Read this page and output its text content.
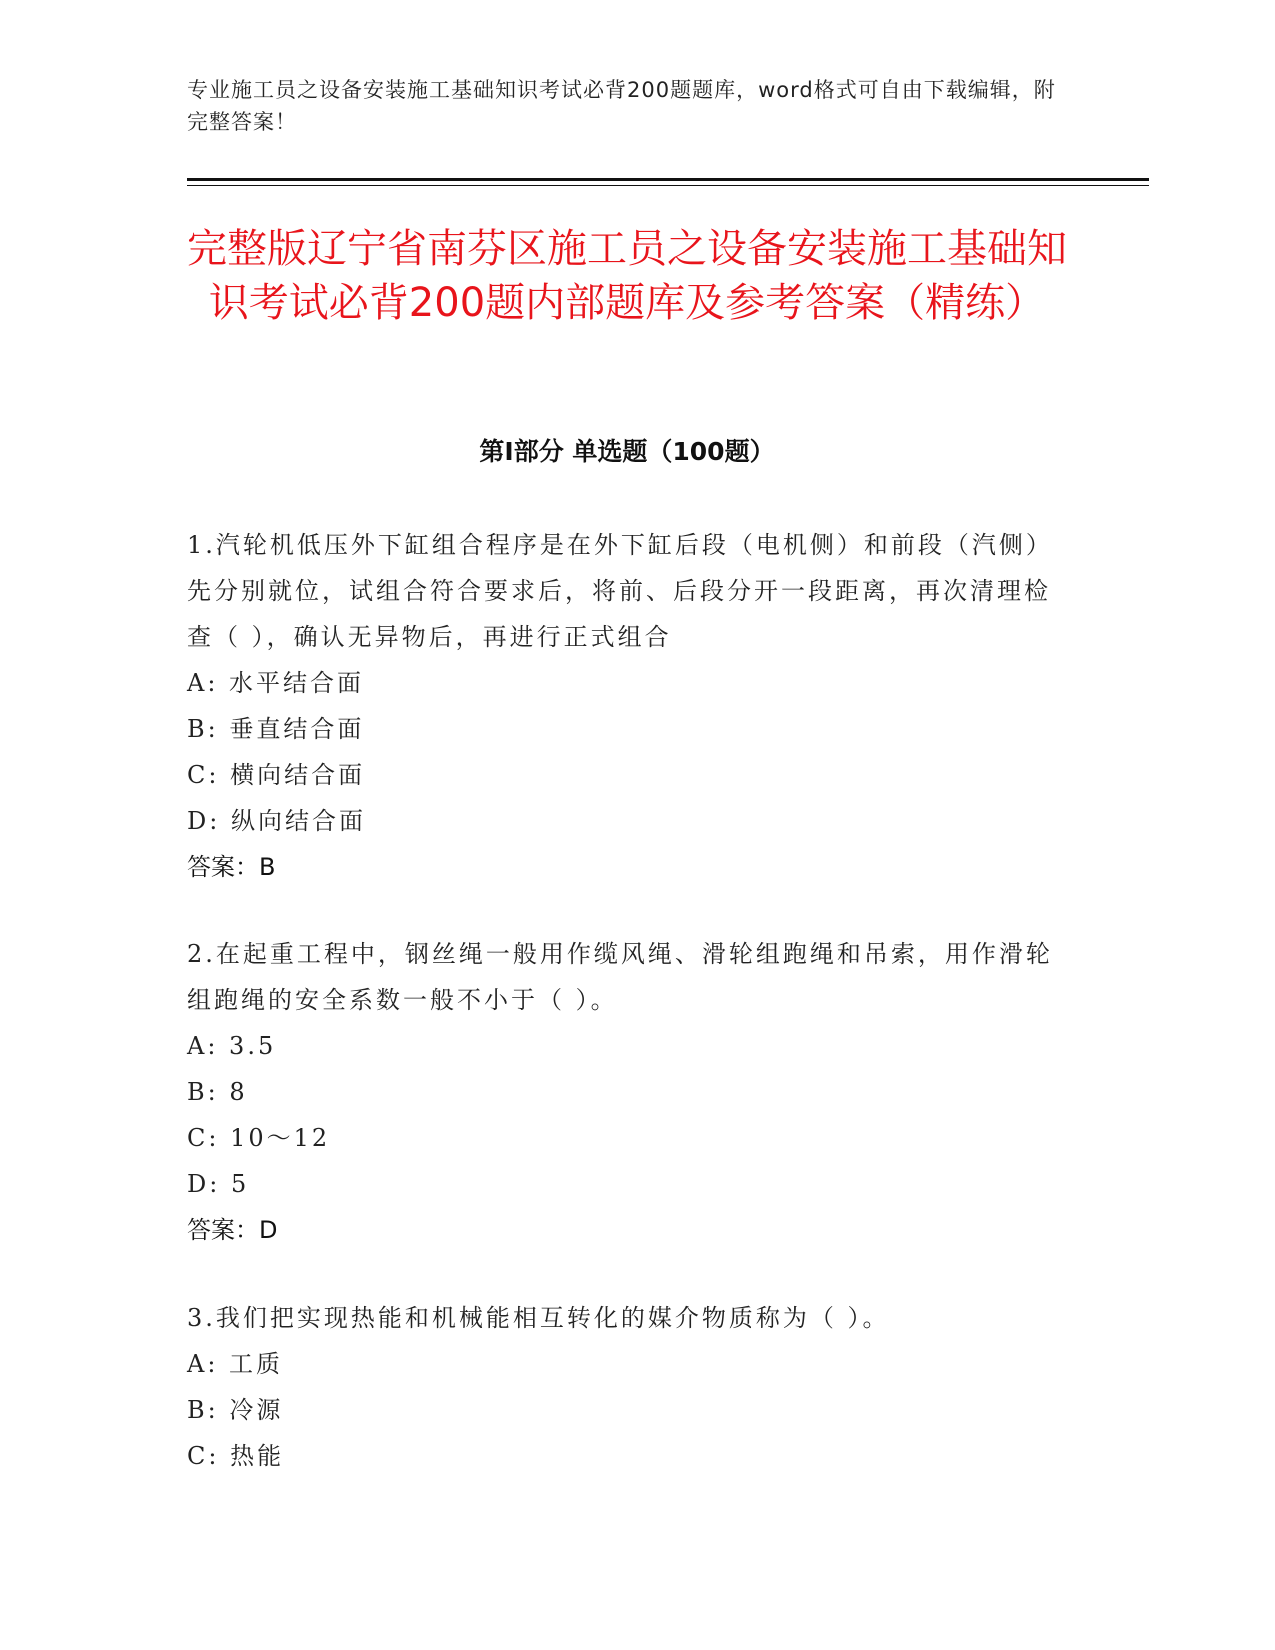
专业施工员之设备安装施工基础知识考试必背200题题库，word格式可自由下载编辑，附完整答案！
完整版辽宁省南芬区施工员之设备安装施工基础知识考试必背200题内部题库及参考答案（精练）
第Ⅰ部分 单选题（100题）

1.汽轮机低压外下缸组合程序是在外下缸后段（电机侧）和前段（汽侧）先分别就位，试组合符合要求后，将前、后段分开一段距离，再次清理检查（ ），确认无异物后，再进行正式组合

A: 水平结合面

B: 垂直结合面

C: 横向结合面

D: 纵向结合面

答案：B

2.在起重工程中，钢丝绳一般用作缆风绳、滑轮组跑绳和吊索，用作滑轮组跑绳的安全系数一般不小于（ ）。

A: 3.5

B: 8

C: 10～12

D: 5

答案：D

3.我们把实现热能和机械能相互转化的媒介物质称为（ ）。

A: 工质

B: 冷源

C: 热能
